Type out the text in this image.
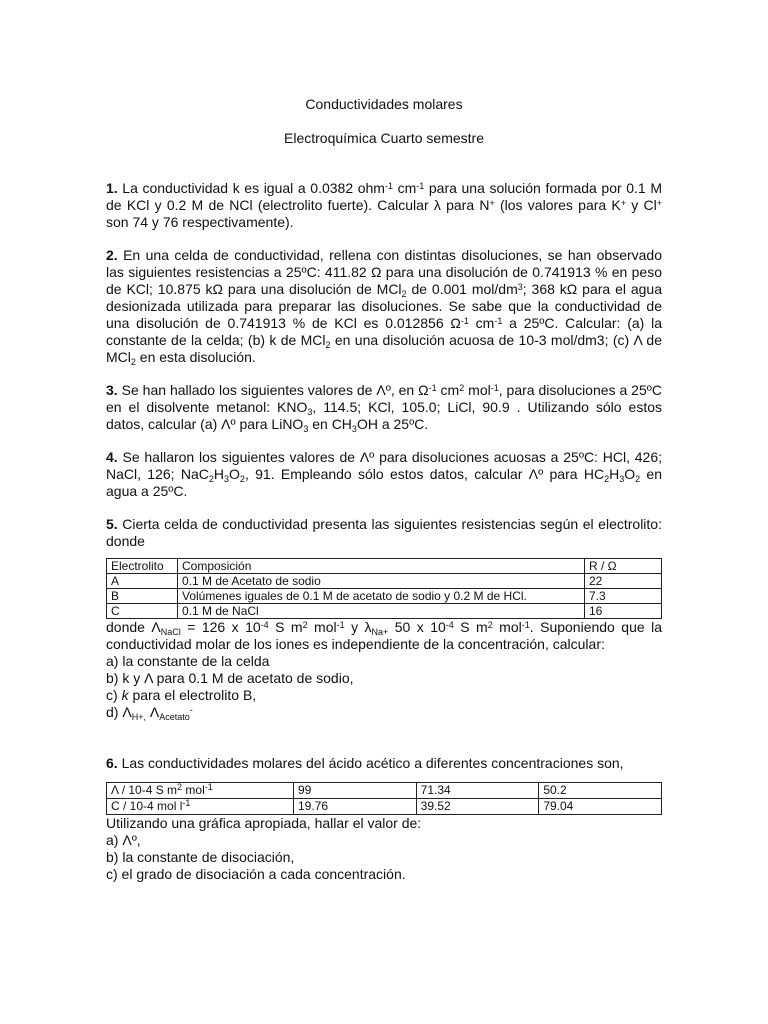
Conductividades molares
Electroquímica Cuarto semestre

1. La conductividad k es igual a 0.0382 ohm$^{-1}$ $cm^{-1}$ para una solución formada por 0.1 M de KCl y 0.2 M de NCl (electrolito fuerte). Calcular λ para N+ (los valores para K+ y Cl+ son 74 y 76 respectivamente).

2. En una celda de conductividad, rellena con distintas disoluciones, se han observado las siguientes resistencias a 25ºC: 411.82 Ω para una disolución de 0.741913 % en peso de KCl; 10.875 kΩ para una disolución de MCl$_2$ de 0.001 mol/$dm^3$; 368 kΩ para el agua desionizada utilizada para preparar las disoluciones. Se sabe que la conductividad de una disolución de 0.741913 % de KCl es 0.012856 $\Omega^{-1}$ $cm^{-1}$ a 25ºC. Calcular: (a) la constante de la celda; (b) k de MCl$_2$ en una disolución acuosa de 10-3 mol/dm3; (c) Λ de MCl$_2$ en esta disolución.

3. Se han hallado los siguientes valores de Λº, en $\Omega^{-1}$ $cm^2$ mol$^{-1}$, para disoluciones a 25ºC en el disolvente metanol: $KNO_3$, 114.5; KCl, 105.0; LiCl, 90.9 . Utilizando sólo estos datos, calcular (a) Λº para LiNO$_3$ en $CH_3OH$ a 25ºC.

4. Se hallaron los siguientes valores de Λº para disoluciones acuosas a 25ºC: HCl, 426; NaCl, 126; $NaC_2H_3O_2$, 91. Empleando sólo estos datos, calcular Λº para $HC_2H_3O_2$ en agua a 25ºC.

5. Cierta celda de conductividad presenta las siguientes resistencias según el electrolito: donde

Electrolito	Composición	R / Ω
A	0.1 M de Acetato de sodio	22
B	Volúmenes iguales de 0.1 M de acetato de sodio y 0.2 M de HCl.	7.3
C	0.1 M de NaCl	16

donde $\Lambda_{NaCl} = 126$ x $10^{-4}$ S $m^2$ mol$^{-1}$ y $\lambda_{Na+}$ 50 x $10^{-4}$ S $m^2$ mol$^{-1}$. Suponiendo que la conductividad molar de los iones es independiente de la concentración, calcular:

a) la constante de la celda

b) k y Λ para 0.1 M de acetato de sodio,

c) k para el electrolito B,

d) $\Lambda_{H+,}$ $\Lambda_{Acetato}^-$

6. Las conductividades molares del ácido acético a diferentes concentraciones son,

Λ / 10-4 S $m^2$ mol$^{-1}$	99	71.34	50.2
C / 10-4 mol $l^{-1}$	19.76	39.52	79.04

Utilizando una gráfica apropiada, hallar el valor de:

a) Λº,

b) la constante de disociación,

c) el grado de disociación a cada concentración.
